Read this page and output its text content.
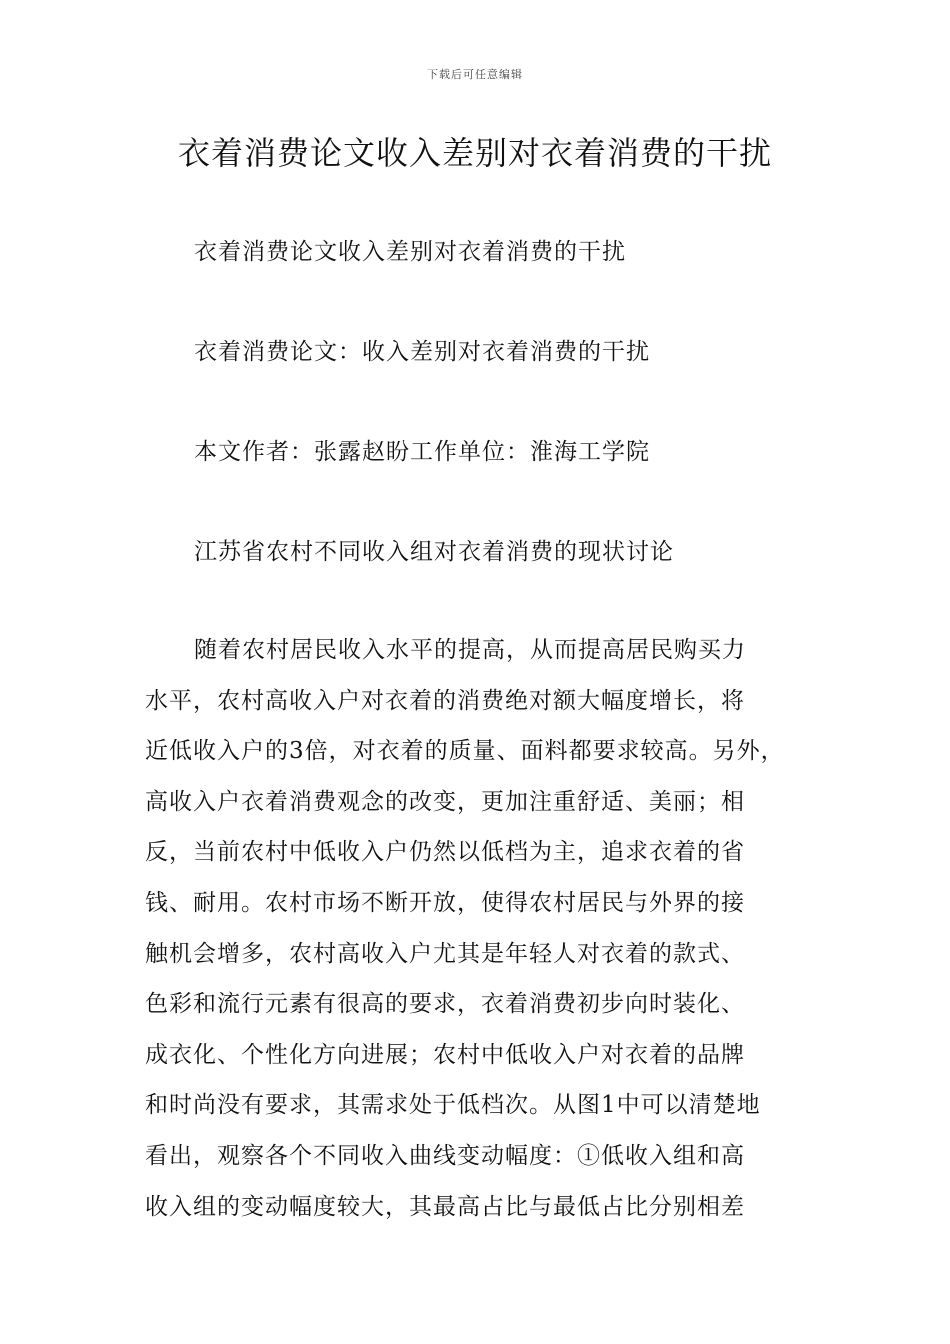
下载后可任意编辑
衣着消费论文收入差别对衣着消费的干扰
衣着消费论文收入差别对衣着消费的干扰
衣着消费论文：收入差别对衣着消费的干扰
本文作者：张露赵盼工作单位：淮海工学院
江苏省农村不同收入组对衣着消费的现状讨论
随着农村居民收入水平的提高，从而提高居民购买力
水平，农村高收入户对衣着的消费绝对额大幅度增长，将
近低收入户的3倍，对衣着的质量、面料都要求较高。另外，
高收入户衣着消费观念的改变，更加注重舒适、美丽；相
反，当前农村中低收入户仍然以低档为主，追求衣着的省
钱、耐用。农村市场不断开放，使得农村居民与外界的接
触机会增多，农村高收入户尤其是年轻人对衣着的款式、
色彩和流行元素有很高的要求，衣着消费初步向时装化、
成衣化、个性化方向进展；农村中低收入户对衣着的品牌
和时尚没有要求，其需求处于低档次。从图1中可以清楚地
看出，观察各个不同收入曲线变动幅度：①低收入组和高
收入组的变动幅度较大，其最高占比与最低占比分别相差
